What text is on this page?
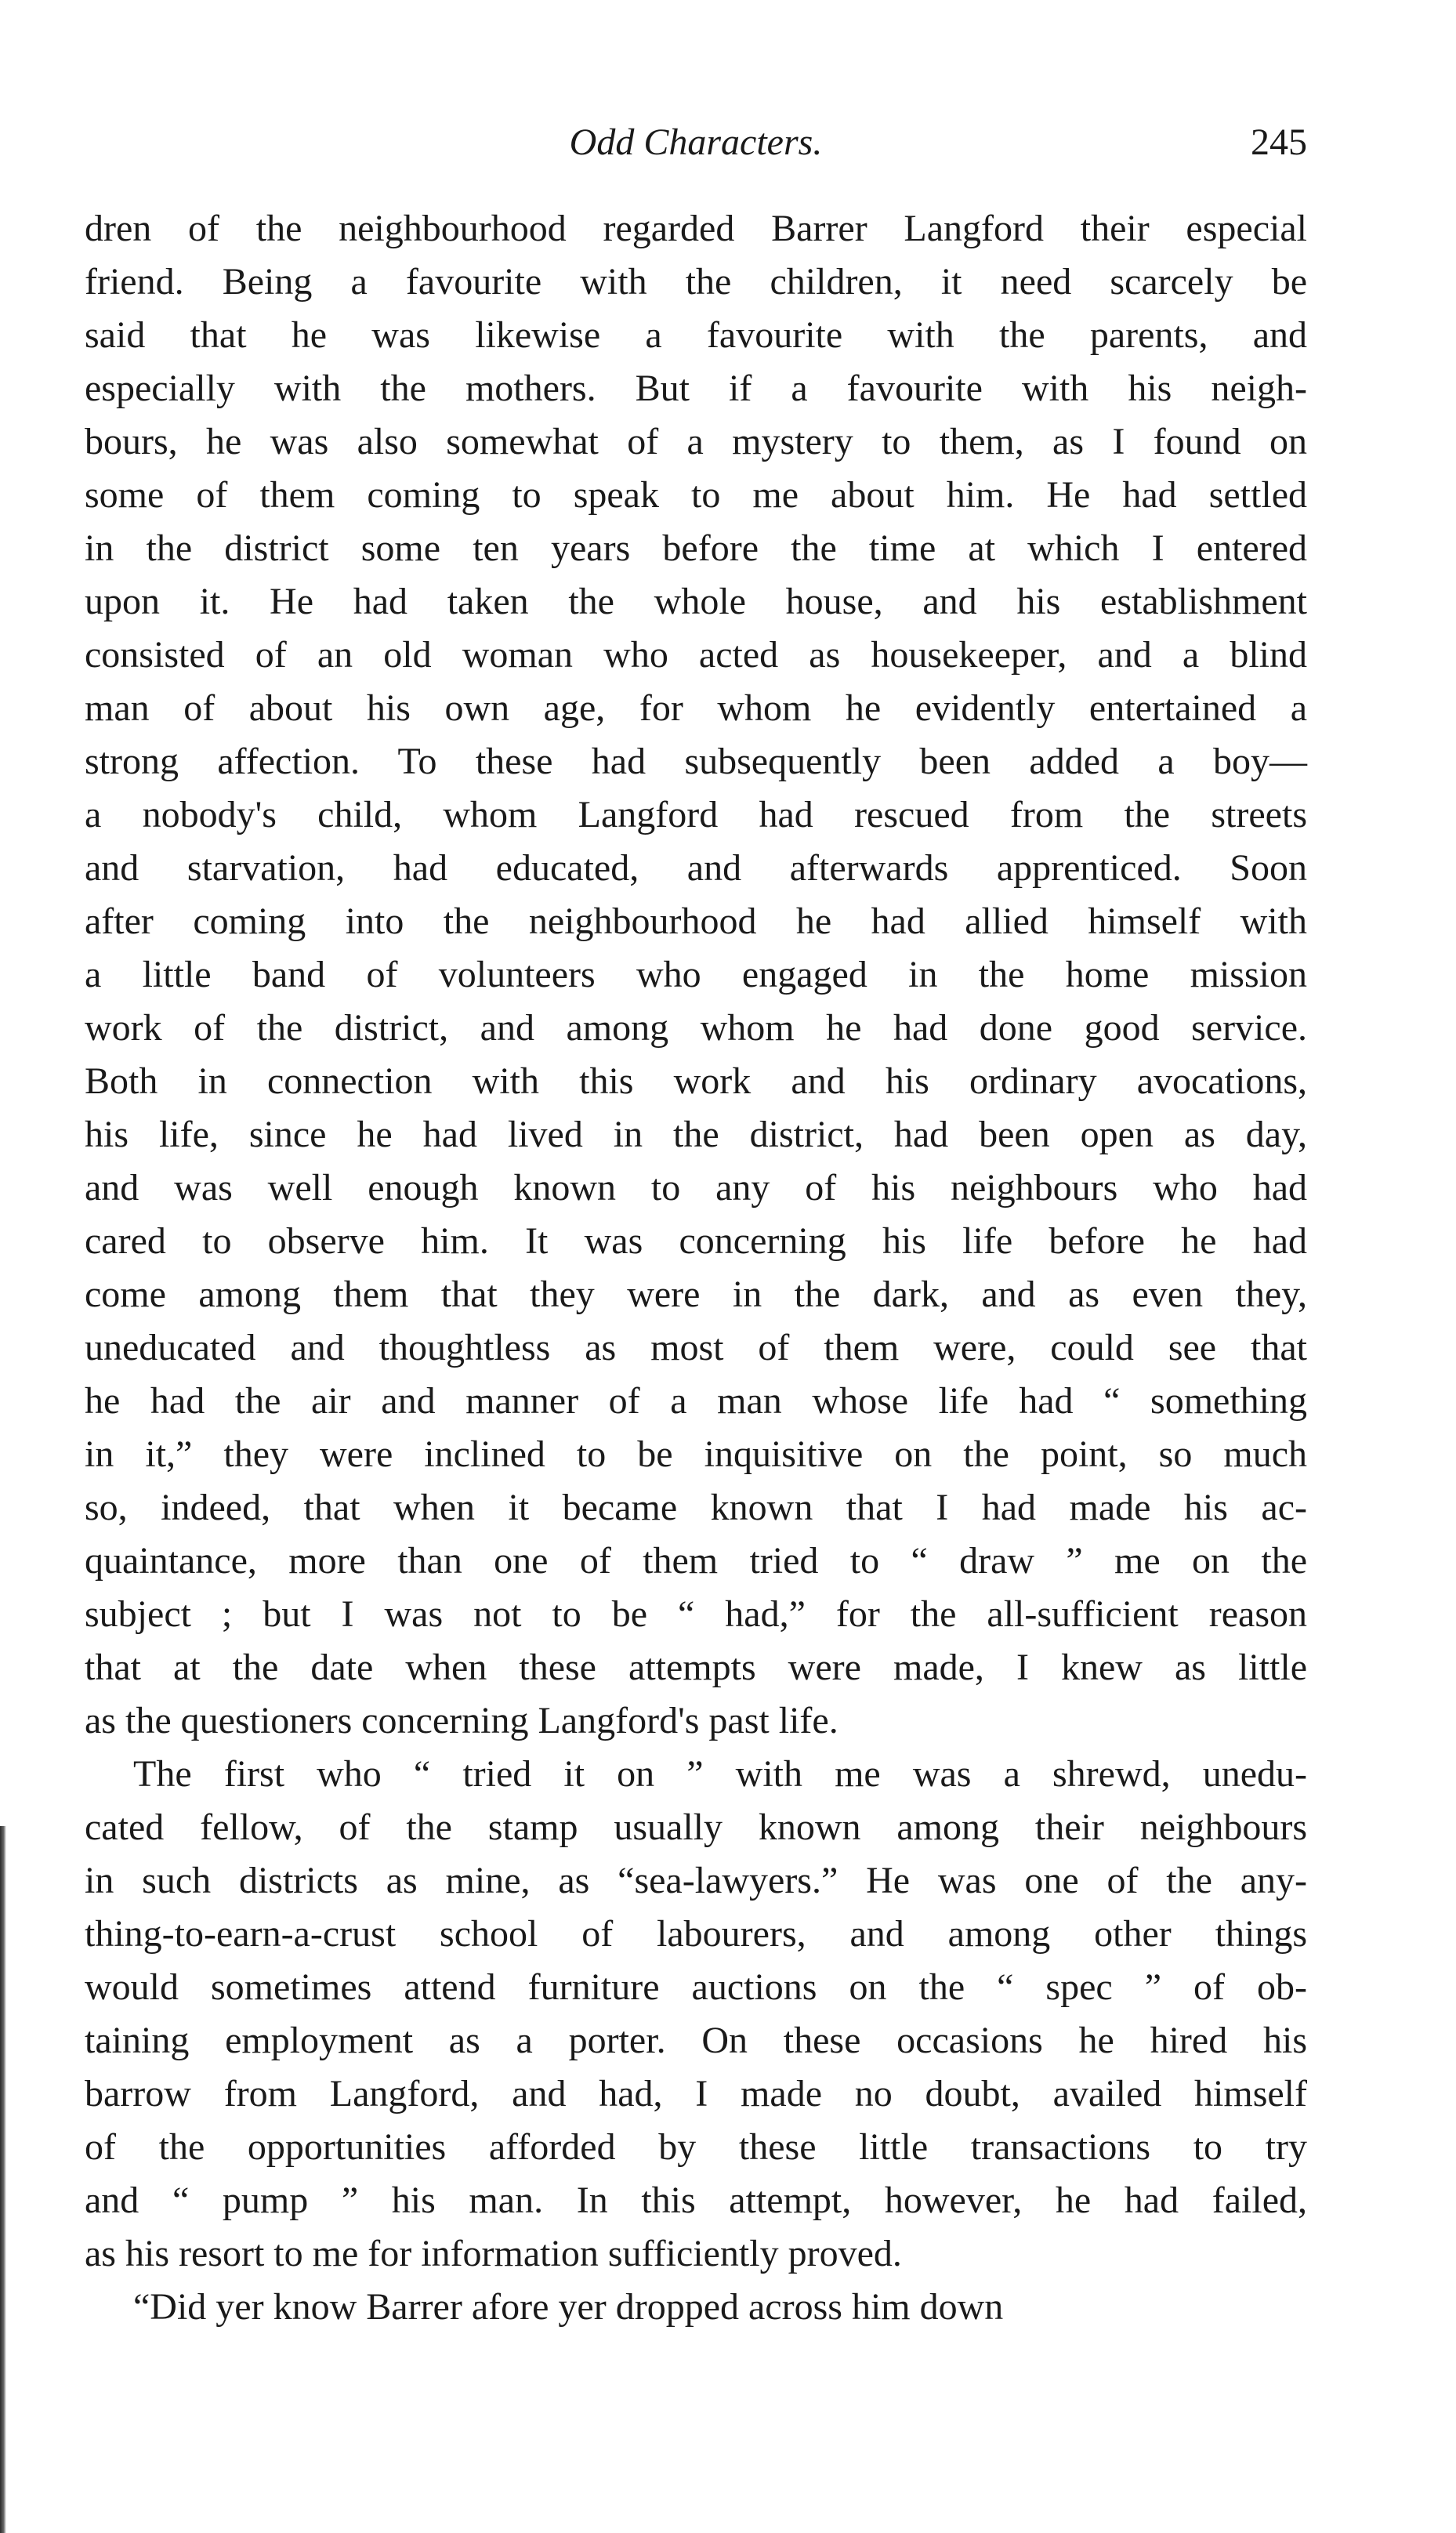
Odd Characters.	245
dren of the neighbourhood regarded Barrer Langford their especial
friend. Being a favourite with the children, it need scarcely be
said that he was likewise a favourite with the parents, and
especially with the mothers. But if a favourite with his neigh-
bours, he was also somewhat of a mystery to them, as I found on
some of them coming to speak to me about him. He had settled
in the district some ten years before the time at which I entered
upon it. He had taken the whole house, and his establishment
consisted of an old woman who acted as housekeeper, and a blind
man of about his own age, for whom he evidently entertained a
strong affection. To these had subsequently been added a boy—
a nobody's child, whom Langford had rescued from the streets
and starvation, had educated, and afterwards apprenticed. Soon
after coming into the neighbourhood he had allied himself with
a little band of volunteers who engaged in the home mission
work of the district, and among whom he had done good service.
Both in connection with this work and his ordinary avocations,
his life, since he had lived in the district, had been open as day,
and was well enough known to any of his neighbours who had
cared to observe him. It was concerning his life before he had
come among them that they were in the dark, and as even they,
uneducated and thoughtless as most of them were, could see that
he had the air and manner of a man whose life had “ something
in it,” they were inclined to be inquisitive on the point, so much
so, indeed, that when it became known that I had made his ac-
quaintance, more than one of them tried to “ draw ” me on the
subject ; but I was not to be “ had,” for the all-sufficient reason
that at the date when these attempts were made, I knew as little
as the questioners concerning Langford's past life.
The first who “ tried it on ” with me was a shrewd, unedu-
cated fellow, of the stamp usually known among their neighbours
in such districts as mine, as “sea-lawyers.” He was one of the any-
thing-to-earn-a-crust school of labourers, and among other things
would sometimes attend furniture auctions on the “ spec ” of ob-
taining employment as a porter. On these occasions he hired his
barrow from Langford, and had, I made no doubt, availed himself
of the opportunities afforded by these little transactions to try
and “ pump ” his man. In this attempt, however, he had failed,
as his resort to me for information sufficiently proved.
“Did yer know Barrer afore yer dropped across him down
